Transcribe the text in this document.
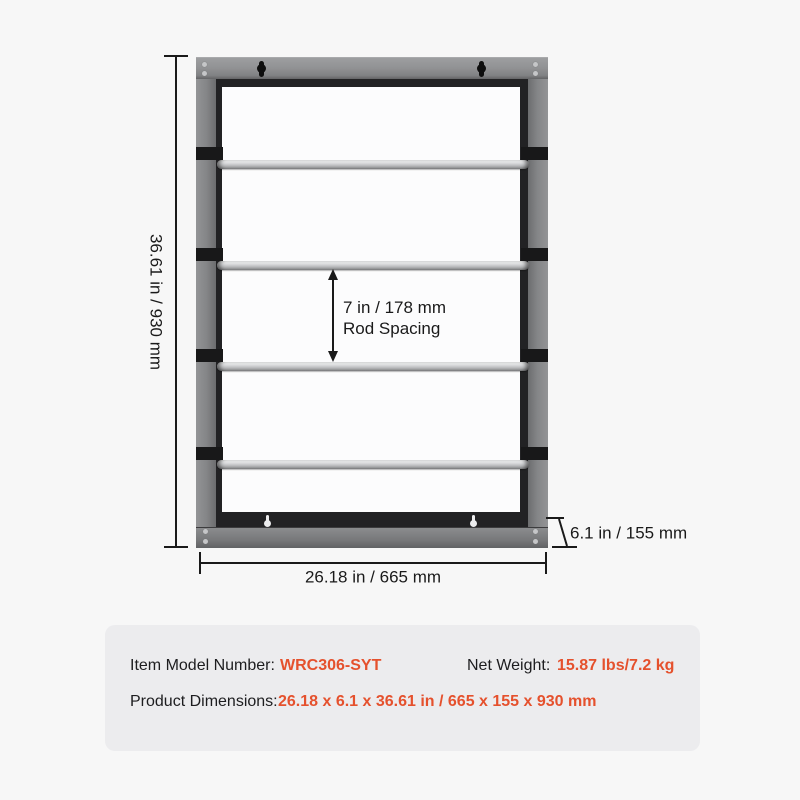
36.61 in / 930 mm
26.18 in / 665 mm
6.1 in / 155 mm
7 in / 178 mm
Rod Spacing
Item Model Number: WRC306-SYT	Net Weight: 15.87 lbs/7.2 kg
Product Dimensions: 26.18 x 6.1 x 36.61 in / 665 x 155 x 930 mm
